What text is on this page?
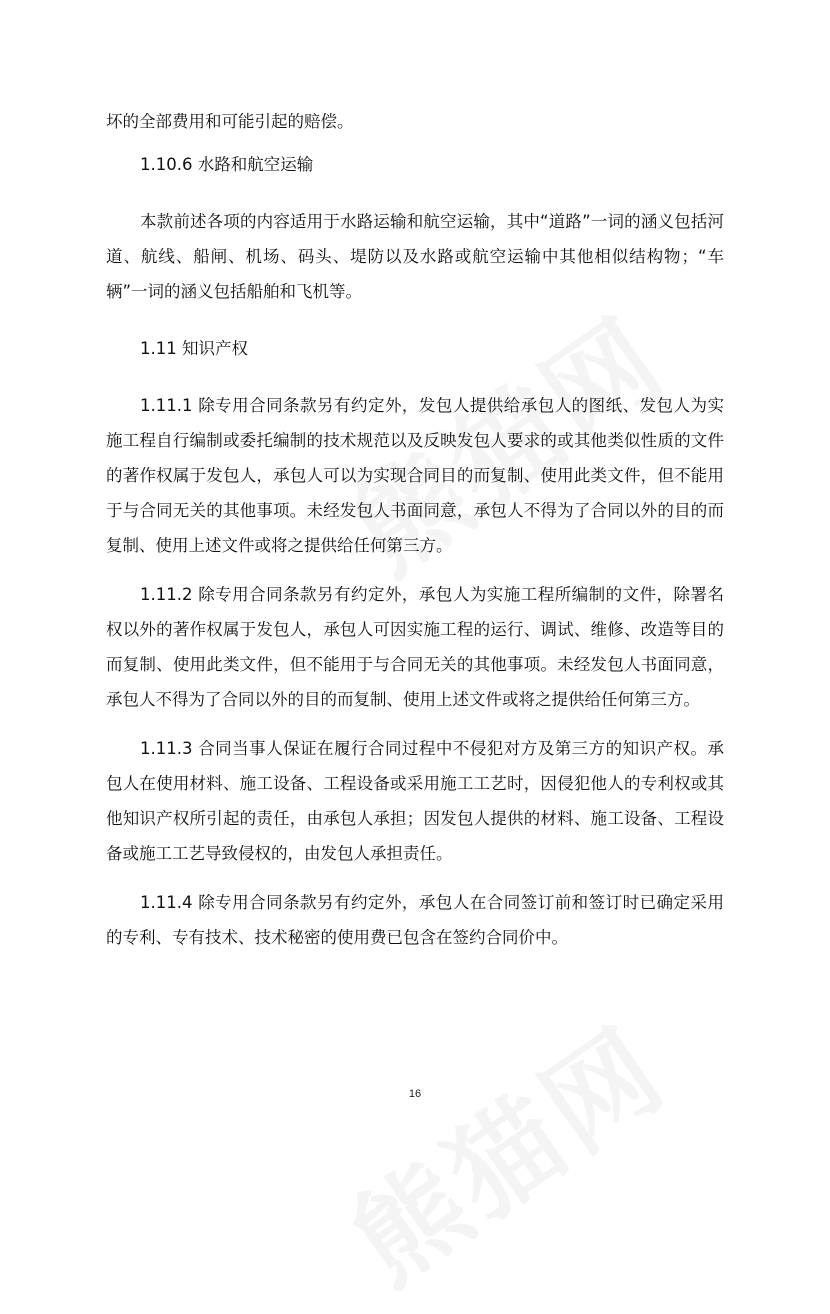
坏的全部费用和可能引起的赔偿。

1.10.6 水路和航空运输

本款前述各项的内容适用于水路运输和航空运输，其中“道路”一词的涵义包括河道、航线、船闸、机场、码头、堤防以及水路或航空运输中其他相似结构物；“车辆”一词的涵义包括船舶和飞机等。

1.11 知识产权

1.11.1 除专用合同条款另有约定外，发包人提供给承包人的图纸、发包人为实施工程自行编制或委托编制的技术规范以及反映发包人要求的或其他类似性质的文件的著作权属于发包人，承包人可以为实现合同目的而复制、使用此类文件，但不能用于与合同无关的其他事项。未经发包人书面同意，承包人不得为了合同以外的目的而复制、使用上述文件或将之提供给任何第三方。

1.11.2 除专用合同条款另有约定外，承包人为实施工程所编制的文件，除署名权以外的著作权属于发包人，承包人可因实施工程的运行、调试、维修、改造等目的而复制、使用此类文件，但不能用于与合同无关的其他事项。未经发包人书面同意，承包人不得为了合同以外的目的而复制、使用上述文件或将之提供给任何第三方。

1.11.3 合同当事人保证在履行合同过程中不侵犯对方及第三方的知识产权。承包人在使用材料、施工设备、工程设备或采用施工工艺时，因侵犯他人的专利权或其他知识产权所引起的责任，由承包人承担；因发包人提供的材料、施工设备、工程设备或施工工艺导致侵权的，由发包人承担责任。

1.11.4 除专用合同条款另有约定外，承包人在合同签订前和签订时已确定采用的专利、专有技术、技术秘密的使用费已包含在签约合同价中。

16
